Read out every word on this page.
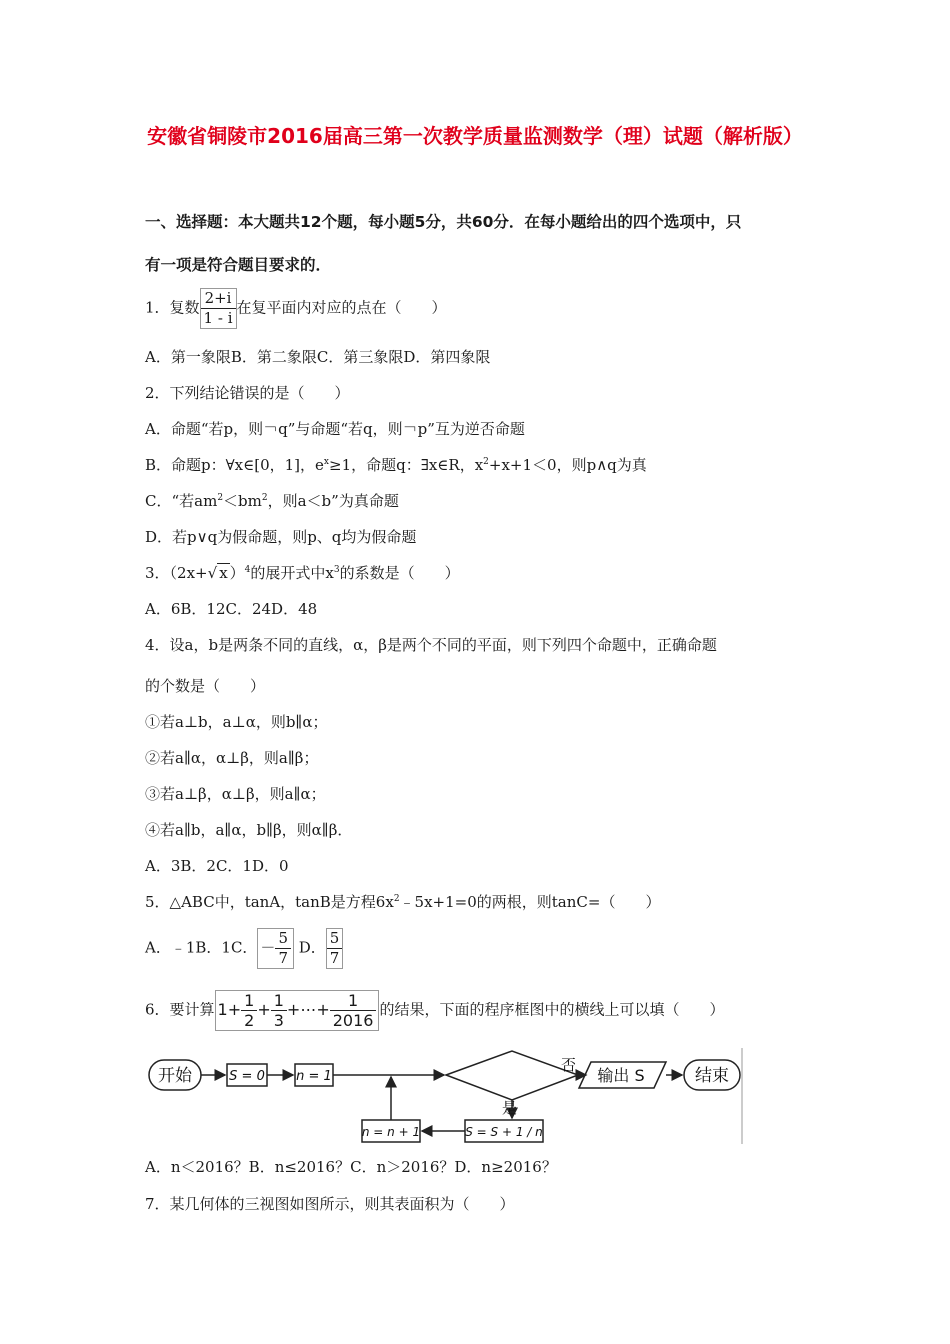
安徽省铜陵市2016届高三第一次教学质量监测数学（理）试题（解析版）
一、选择题：本大题共12个题，每小题5分，共60分．在每小题给出的四个选项中，只
有一项是符合题目要求的．
1．复数 $\frac{2+i}{1 - i}$ 在复平面内对应的点在（　　）
A．第一象限B．第二象限C．第三象限D．第四象限
2．下列结论错误的是（　　）
A．命题“若p，则￢q”与命题“若q，则￢p”互为逆否命题
B．命题p：∀x∈[0，1]，$e^x\ge 1$，命题q：∃x∈R，$x^2+x+1<0$，则p∧q为真
C．“若$am^2<bm^2$，则a＜b”为真命题
D．若p∨q为假命题，则p、q均为假命题
3．（2x+√ x ）$^4$的展开式中$x^3$的系数是（　　）
A．6B．12C．24D．48
4．设a，b是两条不同的直线，α，β是两个不同的平面，则下列四个命题中，正确命题
的个数是（　　）
①若a⊥b，a⊥α，则b∥α；
②若a∥α，α⊥β，则a∥β；
③若a⊥β，α⊥β，则a∥α；
④若a∥b，a∥α，b∥β，则α∥β．
A．3B．2C．1D．0
5．△ABC中，tanA，tanB是方程$6x^2﹣5x+1=0$的两根，则tanC=（　　）
A．﹣1B．1C． － $\frac{5}{7}$ D． $\frac{5}{7}$
6．要计算 $1+ \frac{1}{2} + \frac{1}{3}$ +⋯+ $\frac{1}{2016}$ 的结果，下面的程序框图中的横线上可以填（　　）
开始	S = 0 n = 1
否
输出 S	结束
是
S = S + 1 / n
n = n + 1
A．n＜2016？B．n≤2016？C．n＞2016？D．n≥2016？
7．某几何体的三视图如图所示，则其表面积为（　　）
